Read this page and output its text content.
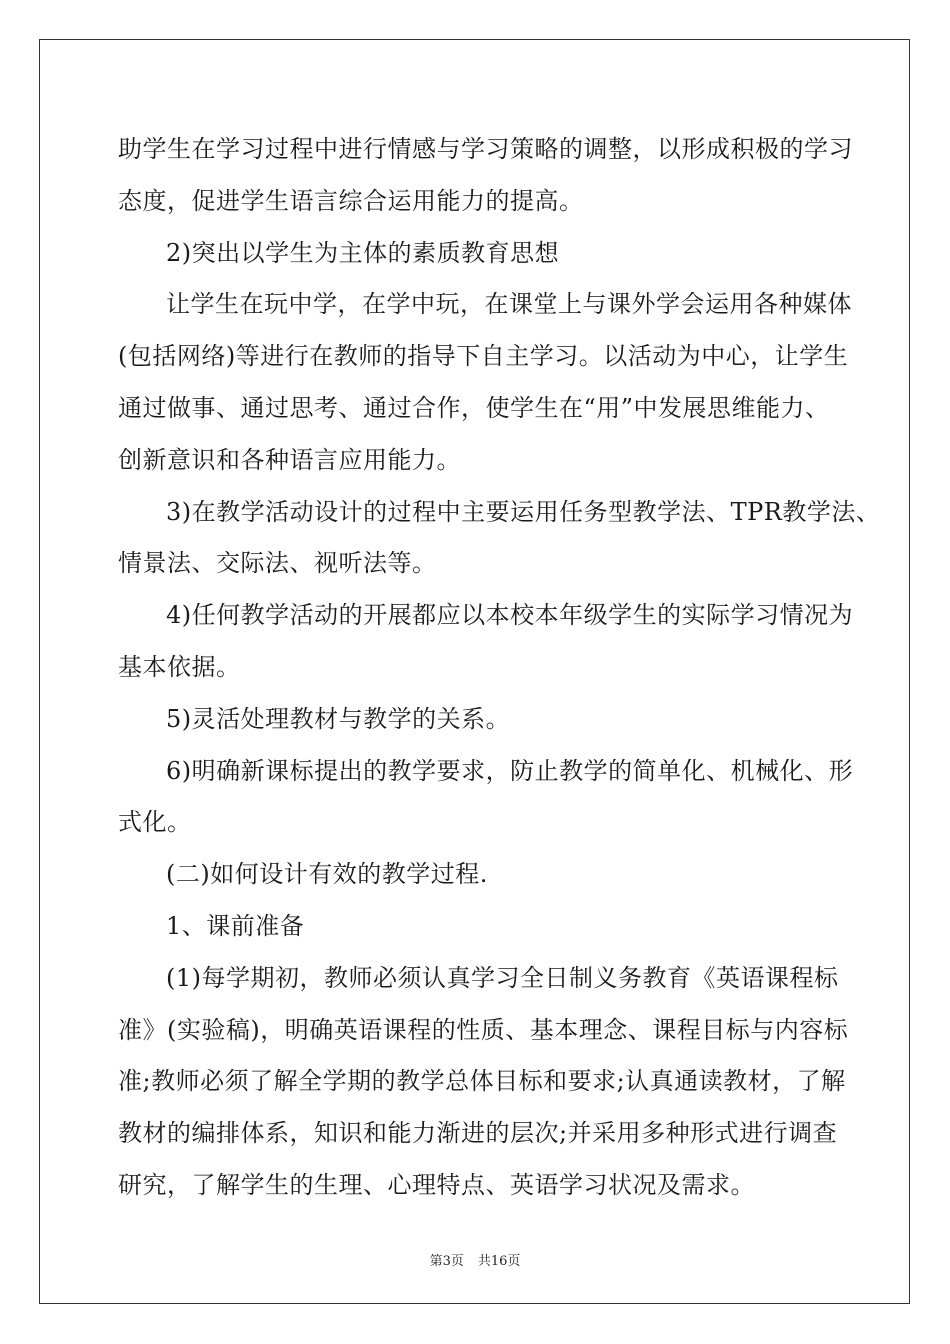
助学生在学习过程中进行情感与学习策略的调整，以形成积极的学习
态度，促进学生语言综合运用能力的提高。
2)突出以学生为主体的素质教育思想
让学生在玩中学，在学中玩，在课堂上与课外学会运用各种媒体
(包括网络)等进行在教师的指导下自主学习。以活动为中心，让学生
通过做事、通过思考、通过合作，使学生在“用”中发展思维能力、
创新意识和各种语言应用能力。
3)在教学活动设计的过程中主要运用任务型教学法、TPR教学法、
情景法、交际法、视听法等。
4)任何教学活动的开展都应以本校本年级学生的实际学习情况为
基本依据。
5)灵活处理教材与教学的关系。
6)明确新课标提出的教学要求，防止教学的简单化、机械化、形
式化。
(二)如何设计有效的教学过程.
1、课前准备
(1)每学期初，教师必须认真学习全日制义务教育《英语课程标
准》(实验稿)，明确英语课程的性质、基本理念、课程目标与内容标
准;教师必须了解全学期的教学总体目标和要求;认真通读教材，了解
教材的编排体系，知识和能力渐进的层次;并采用多种形式进行调查
研究，了解学生的生理、心理特点、英语学习状况及需求。
第3页 共16页
